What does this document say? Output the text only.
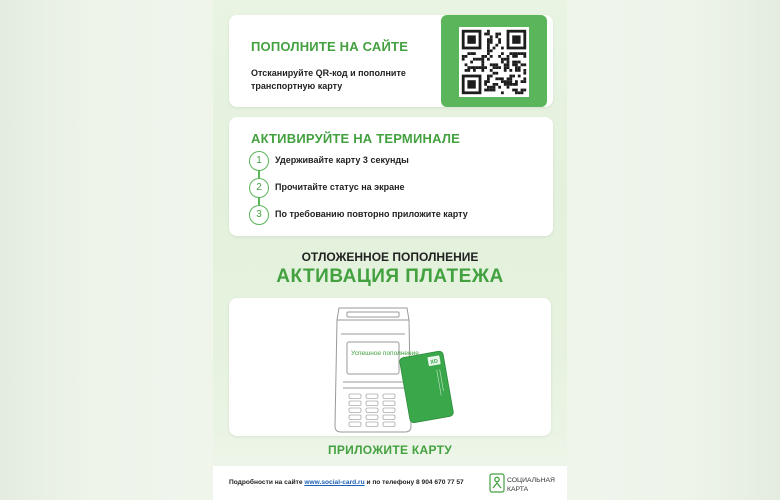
ПОПОЛНИТЕ НА САЙТЕ
Отсканируйте QR-код и пополните транспортную карту
АКТИВИРУЙТЕ НА ТЕРМИНАЛЕ
1	Удерживайте карту 3 секунды
2	Прочитайте статус на экране
3	По требованию повторно приложите карту
ОТЛОЖЕННОЕ ПОПОЛНЕНИЕ
АКТИВАЦИЯ ПЛАТЕЖА
Успешное пополнение
XD
ПРИЛОЖИТЕ КАРТУ
Подробности на сайте www.social-card.ru и по телефону 8 904 670 77 57	СОЦИАЛЬНАЯ
КАРТА
